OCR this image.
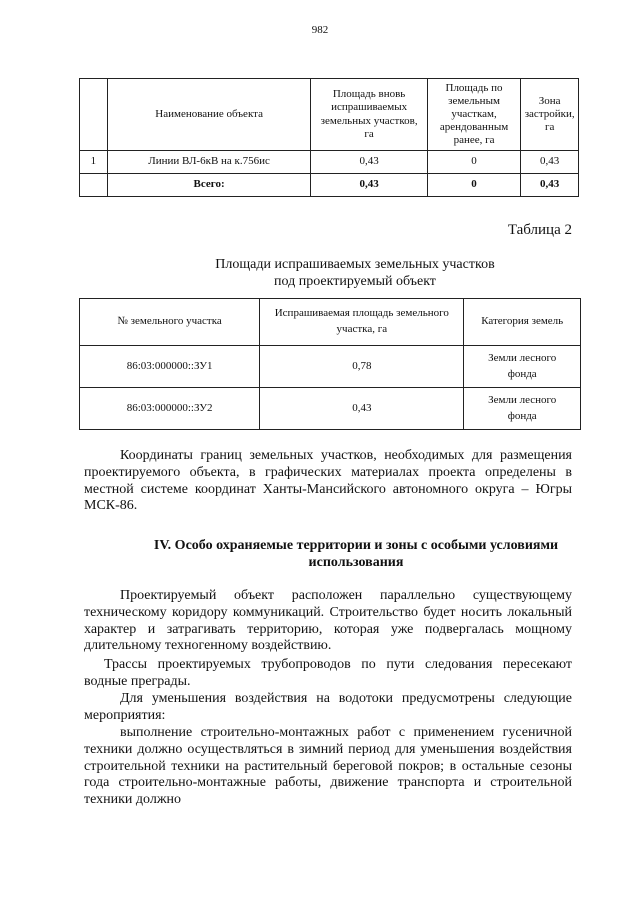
982
	Наименование объекта	Площадь вновь испрашиваемых земельных участков, га	Площадь по земельным участкам, арендованным ранее, га	Зона застройки, га
1	Линии ВЛ-6кВ на к.756ис	0,43	0	0,43
	Всего:	0,43	0	0,43
Таблица 2
Площади испрашиваемых земельных участков
под проектируемый объект
№ земельного участка	Испрашиваемая площадь земельного участка, га	Категория земель
86:03:000000::ЗУ1	0,78	Земли лесного фонда
86:03:000000::ЗУ2	0,43	Земли лесного фонда

Координаты границ земельных участков, необходимых для размещения проектируемого объекта, в графических материалах проекта определены в местной системе координат Ханты-Мансийского автономного округа – Югры МСК-86.

IV. Особо охраняемые территории и зоны с особыми условиями использования

Проектируемый объект расположен параллельно существующему техническому коридору коммуникаций. Строительство будет носить локальный характер и затрагивать территорию, которая уже подвергалась мощному длительному техногенному воздействию.

Трассы проектируемых трубопроводов по пути следования пересекают водные преграды.

Для уменьшения воздействия на водотоки предусмотрены следующие мероприятия:

выполнение строительно-монтажных работ с применением гусеничной техники должно осуществляться в зимний период для уменьшения воздействия строительной техники на растительный береговой покров; в остальные сезоны года строительно-монтажные работы, движение транспорта и строительной техники должно
